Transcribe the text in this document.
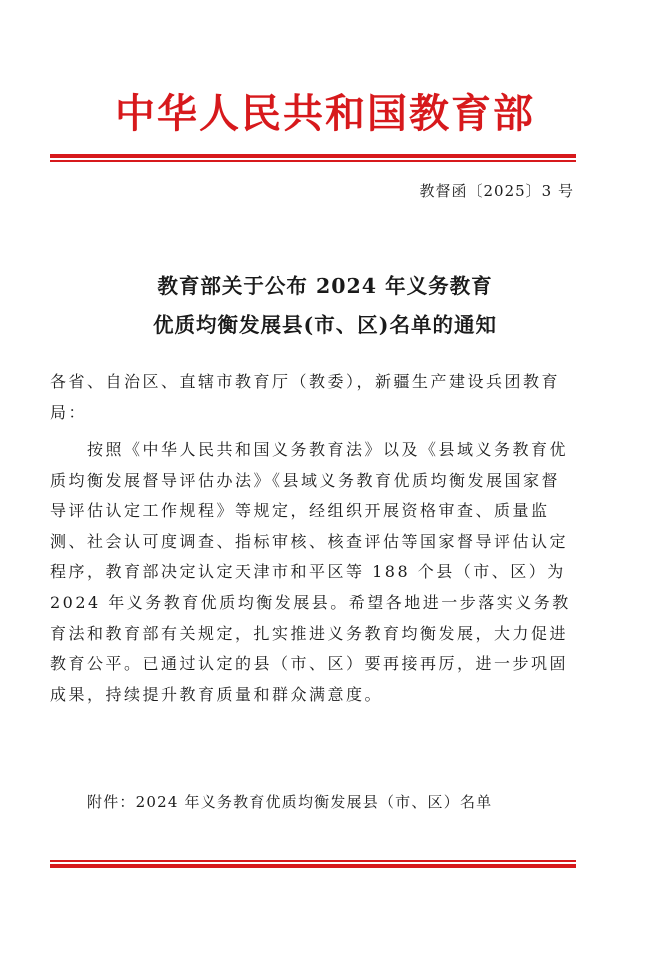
中华人民共和国教育部
教督函〔2025〕3 号
教育部关于公布 2024 年义务教育
优质均衡发展县(市、区)名单的通知

各省、自治区、直辖市教育厅（教委），新疆生产建设兵团教育局：

按照《中华人民共和国义务教育法》以及《县域义务教育优质均衡发展督导评估办法》《县域义务教育优质均衡发展国家督导评估认定工作规程》等规定，经组织开展资格审查、质量监测、社会认可度调查、指标审核、核查评估等国家督导评估认定程序，教育部决定认定天津市和平区等 188 个县（市、区）为 2024 年义务教育优质均衡发展县。希望各地进一步落实义务教育法和教育部有关规定，扎实推进义务教育均衡发展，大力促进教育公平。已通过认定的县（市、区）要再接再厉，进一步巩固成果，持续提升教育质量和群众满意度。

附件：2024 年义务教育优质均衡发展县（市、区）名单
